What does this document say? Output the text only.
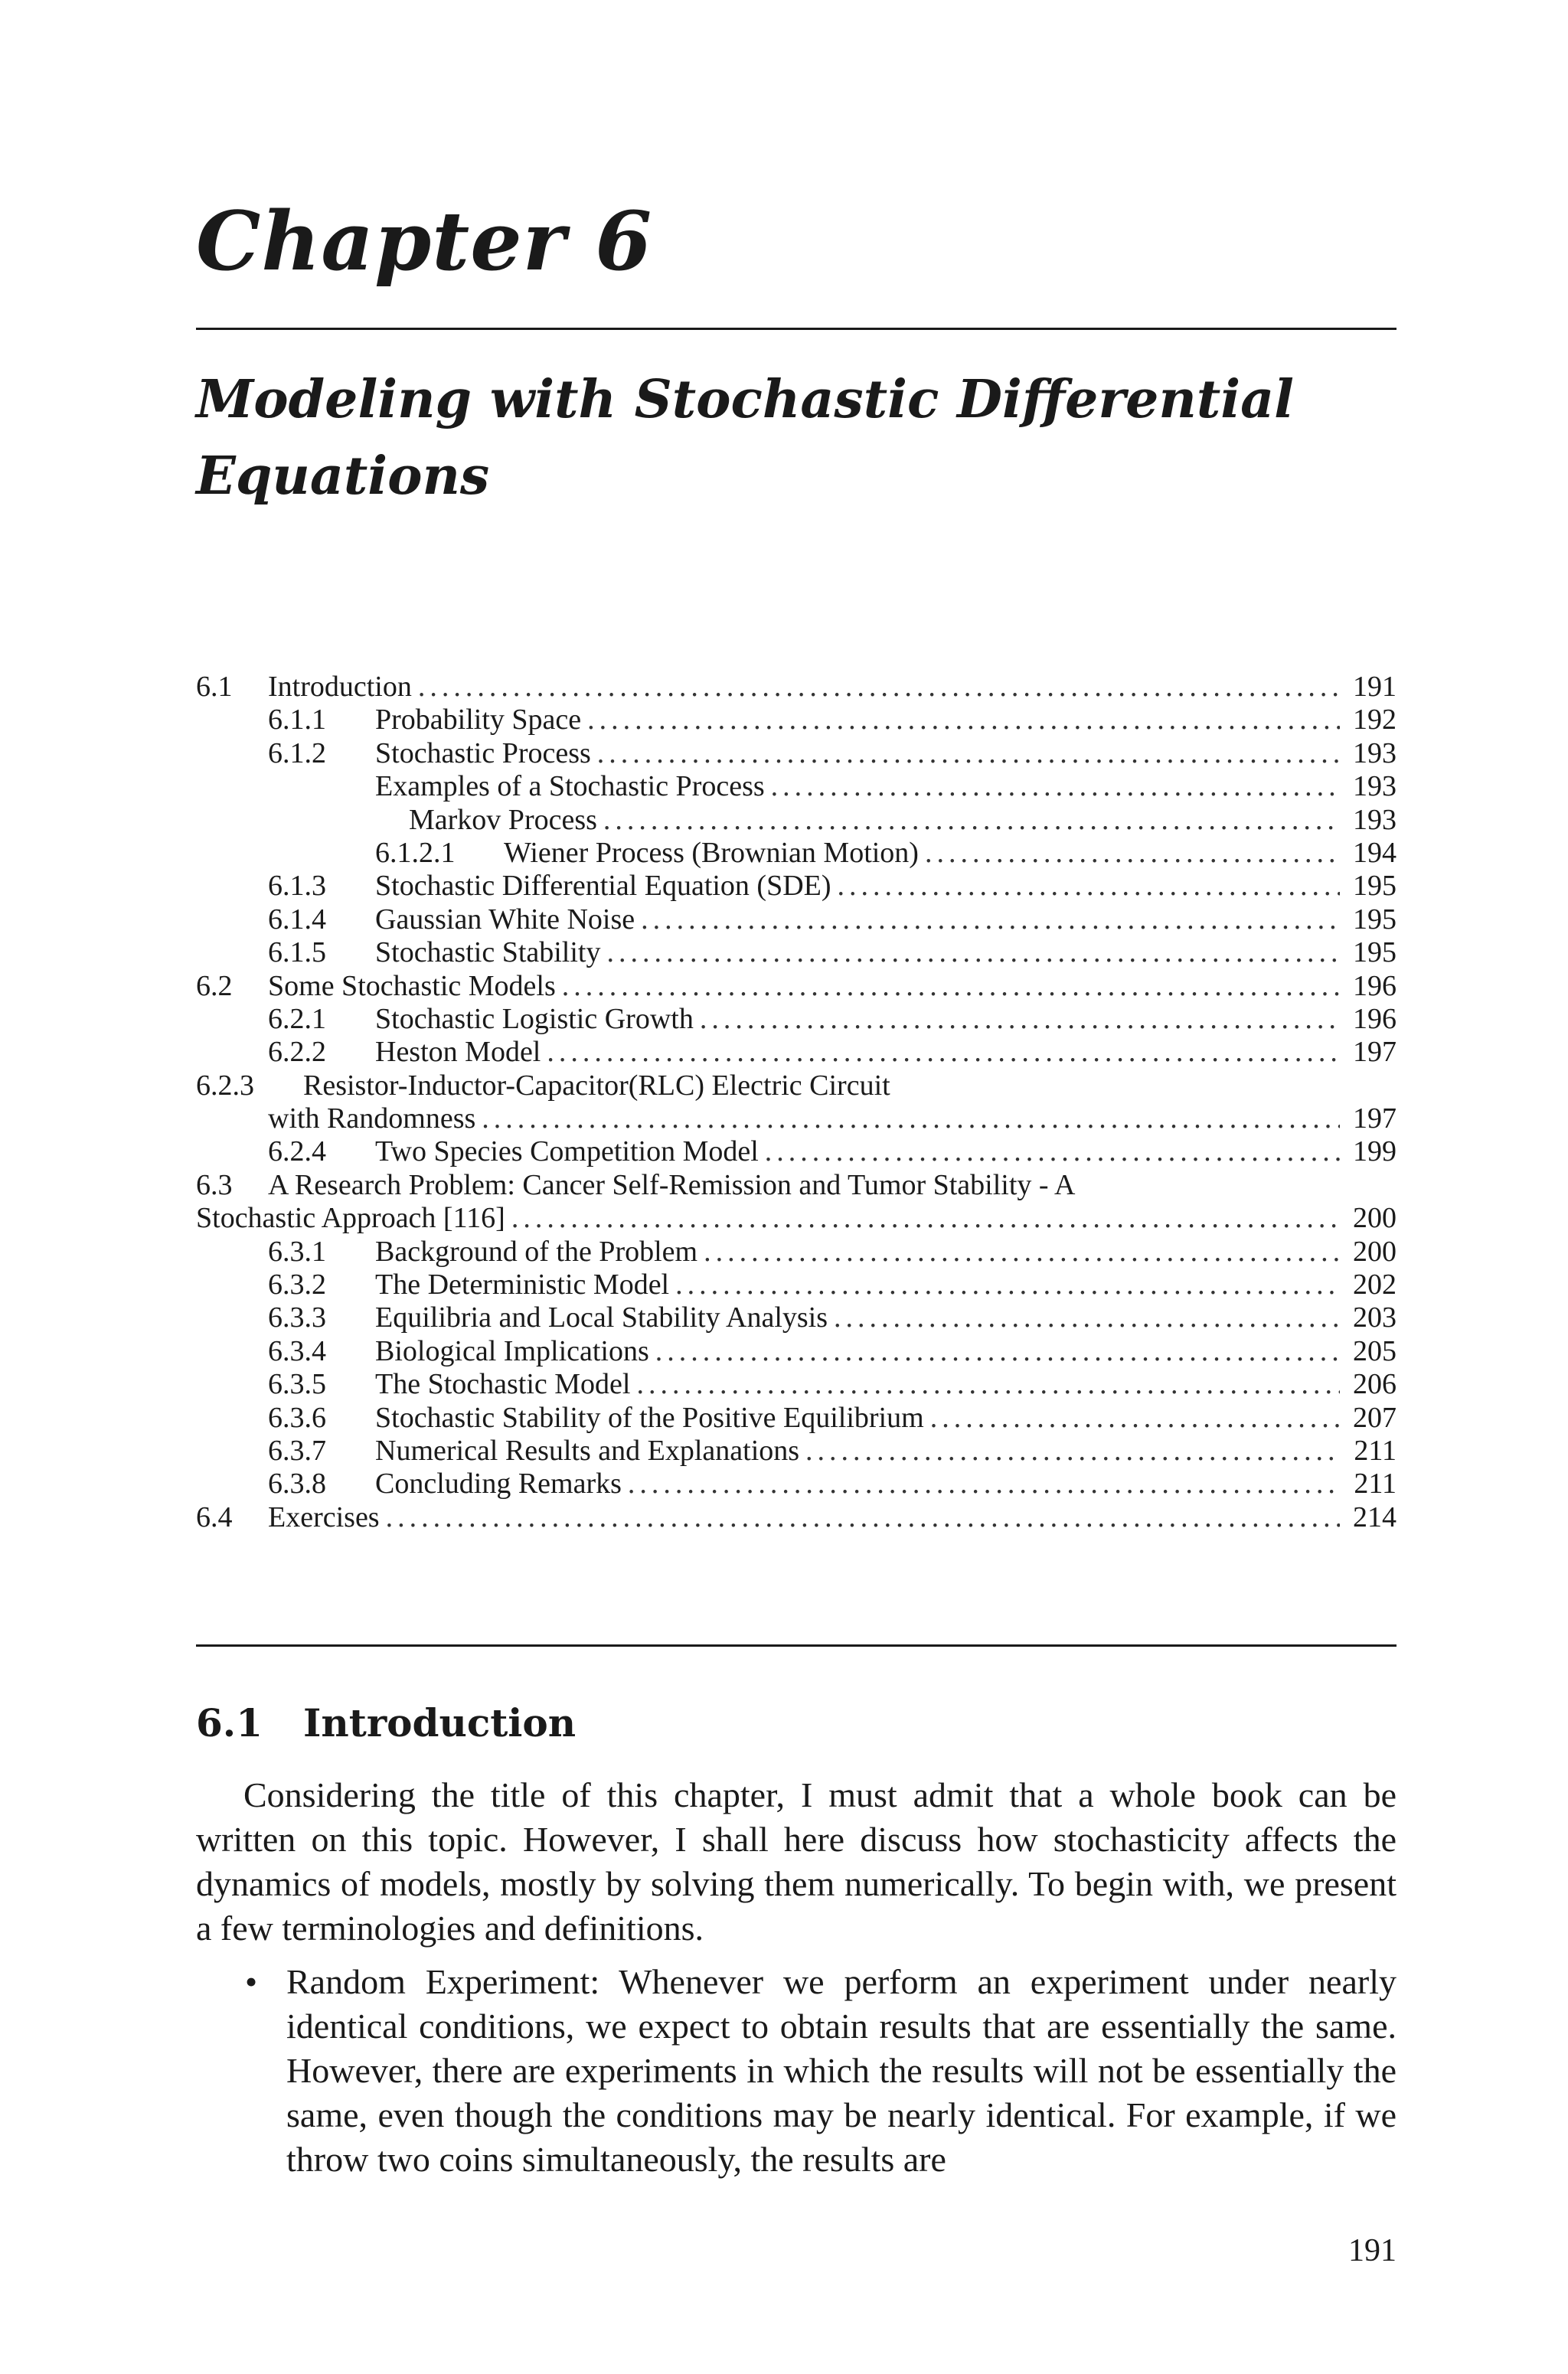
Chapter 6
Modeling with Stochastic Differential Equations
6.1 Introduction .....	191
6.1.1 Probability Space .....	192
6.1.2 Stochastic Process .....	193
Examples of a Stochastic Process .....	193
Markov Process .....	193
6.1.2.1 Wiener Process (Brownian Motion) .....	194
6.1.3 Stochastic Differential Equation (SDE) .....	195
6.1.4 Gaussian White Noise .....	195
6.1.5 Stochastic Stability .....	195
6.2 Some Stochastic Models .....	196
6.2.1 Stochastic Logistic Growth .....	196
6.2.2 Heston Model .....	197
6.2.3 Resistor-Inductor-Capacitor(RLC) Electric Circuit
with Randomness .....	197
6.2.4 Two Species Competition Model .....	199
6.3 A Research Problem: Cancer Self-Remission and Tumor Stability - A
Stochastic Approach [116] .....	200
6.3.1 Background of the Problem .....	200
6.3.2 The Deterministic Model .....	202
6.3.3 Equilibria and Local Stability Analysis .....	203
6.3.4 Biological Implications .....	205
6.3.5 The Stochastic Model .....	206
6.3.6 Stochastic Stability of the Positive Equilibrium .....	207
6.3.7 Numerical Results and Explanations .....	211
6.3.8 Concluding Remarks .....	211
6.4 Exercises .....	214
6.1 Introduction
Considering the title of this chapter, I must admit that a whole book can be written on this topic. However, I shall here discuss how stochasticity affects the dynamics of models, mostly by solving them numerically. To begin with, we present a few terminologies and definitions.
• Random Experiment: Whenever we perform an experiment under nearly identical conditions, we expect to obtain results that are essentially the same. However, there are experiments in which the results will not be essentially the same, even though the conditions may be nearly identical. For example, if we throw two coins simultaneously, the results are
191
